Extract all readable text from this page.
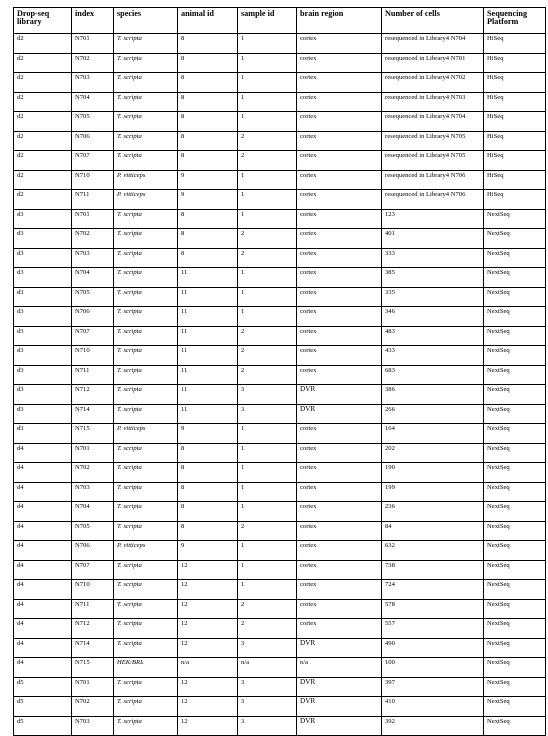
Drop-seq library	index	species	animal id	sample id	brain region	Number of cells	Sequencing Platform
d2	N701	T. scripta	8	1	cortex	resequenced in Library4 N704	HiSeq
d2	N702	T. scripta	8	1	cortex	resequenced in Library4 N701	HiSeq
d2	N703	T. scripta	8	1	cortex	resequenced in Library4 N702	HiSeq
d2	N704	T. scripta	8	1	cortex	resequenced in Library4 N703	HiSeq
d2	N705	T. scripta	8	1	cortex	resequenced in Library4 N704	HiSeq
d2	N706	T. scripta	8	2	cortex	resequenced in Library4 N705	HiSeq
d2	N707	T. scripta	8	2	cortex	resequenced in Library4 N705	HiSeq
d2	N710	P. vitticeps	9	1	cortex	resequenced in Library4 N706	HiSeq
d2	N711	P. vitticeps	9	1	cortex	resequenced in Library4 N706	HiSeq
d3	N701	T. scripta	8	1	cortex	123	NextSeq
d3	N702	T. scripta	8	2	cortex	401	NextSeq
d3	N703	T. scripta	8	2	cortex	333	NextSeq
d3	N704	T. scripta	11	1	cortex	385	NextSeq
d3	N705	T. scripta	11	1	cortex	335	NextSeq
d3	N706	T. scripta	11	1	cortex	346	NextSeq
d3	N707	T. scripta	11	2	cortex	483	NextSeq
d3	N710	T. scripta	11	2	cortex	433	NextSeq
d3	N711	T. scripta	11	2	cortex	683	NextSeq
d3	N712	T. scripta	11	3	DVR	386	NextSeq
d3	N714	T. scripta	11	3	DVR	266	NextSeq
d3	N715	P. vitticeps	9	1	cortex	164	NextSeq
d4	N701	T. scripta	8	1	cortex	202	NextSeq
d4	N702	T. scripta	8	1	cortex	190	NextSeq
d4	N703	T. scripta	8	1	cortex	199	NextSeq
d4	N704	T. scripta	8	1	cortex	236	NextSeq
d4	N705	T. scripta	8	2	cortex	84	NextSeq
d4	N706	P. vitticeps	9	1	cortex	632	NextSeq
d4	N707	T. scripta	12	1	cortex	738	NextSeq
d4	N710	T. scripta	12	1	cortex	724	NextSeq
d4	N711	T. scripta	12	2	cortex	578	NextSeq
d4	N712	T. scripta	12	2	cortex	557	NextSeq
d4	N714	T. scripta	12	3	DVR	490	NextSeq
d4	N715	HEK/BRL	n/a	n/a	n/a	100	NextSeq
d5	N701	T. scripta	12	3	DVR	397	NextSeq
d5	N702	T. scripta	12	3	DVR	410	NextSeq
d5	N703	T. scripta	12	3	DVR	392	NextSeq
